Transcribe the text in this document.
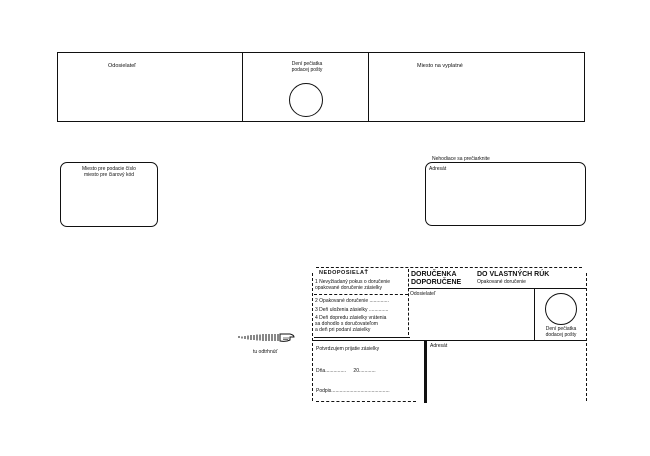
Odosielateľ	Dení pečiatka
podacej pošty
Miesto na vyplatné
Miesto pre podacie číslo
miesto pre čiarový kód
Nehodiace sa prečiarknite
Adresát
tu odtrhnúť
NEDOPOSIELAŤ
1 Nevyžiadaný pokus o doručenie
opakované doručenie zásielky
2 Opakované doručenie ..............
3 Deň uloženia zásielky ..............
4 Deň dopredu zásielky vrátenia
sa dohodlo s doručovateľom
a deň pri podaní zásielky
DORUČENKA
DOPORUČENE
DO VLASTNÝCH RÚK
Opakované doručenie
Odosielateľ
Dení pečiatka
dodacej pošty
Potvrdzujem prijatie zásielky
Dňa............... 20............
Podpis..........................................
Adresát
